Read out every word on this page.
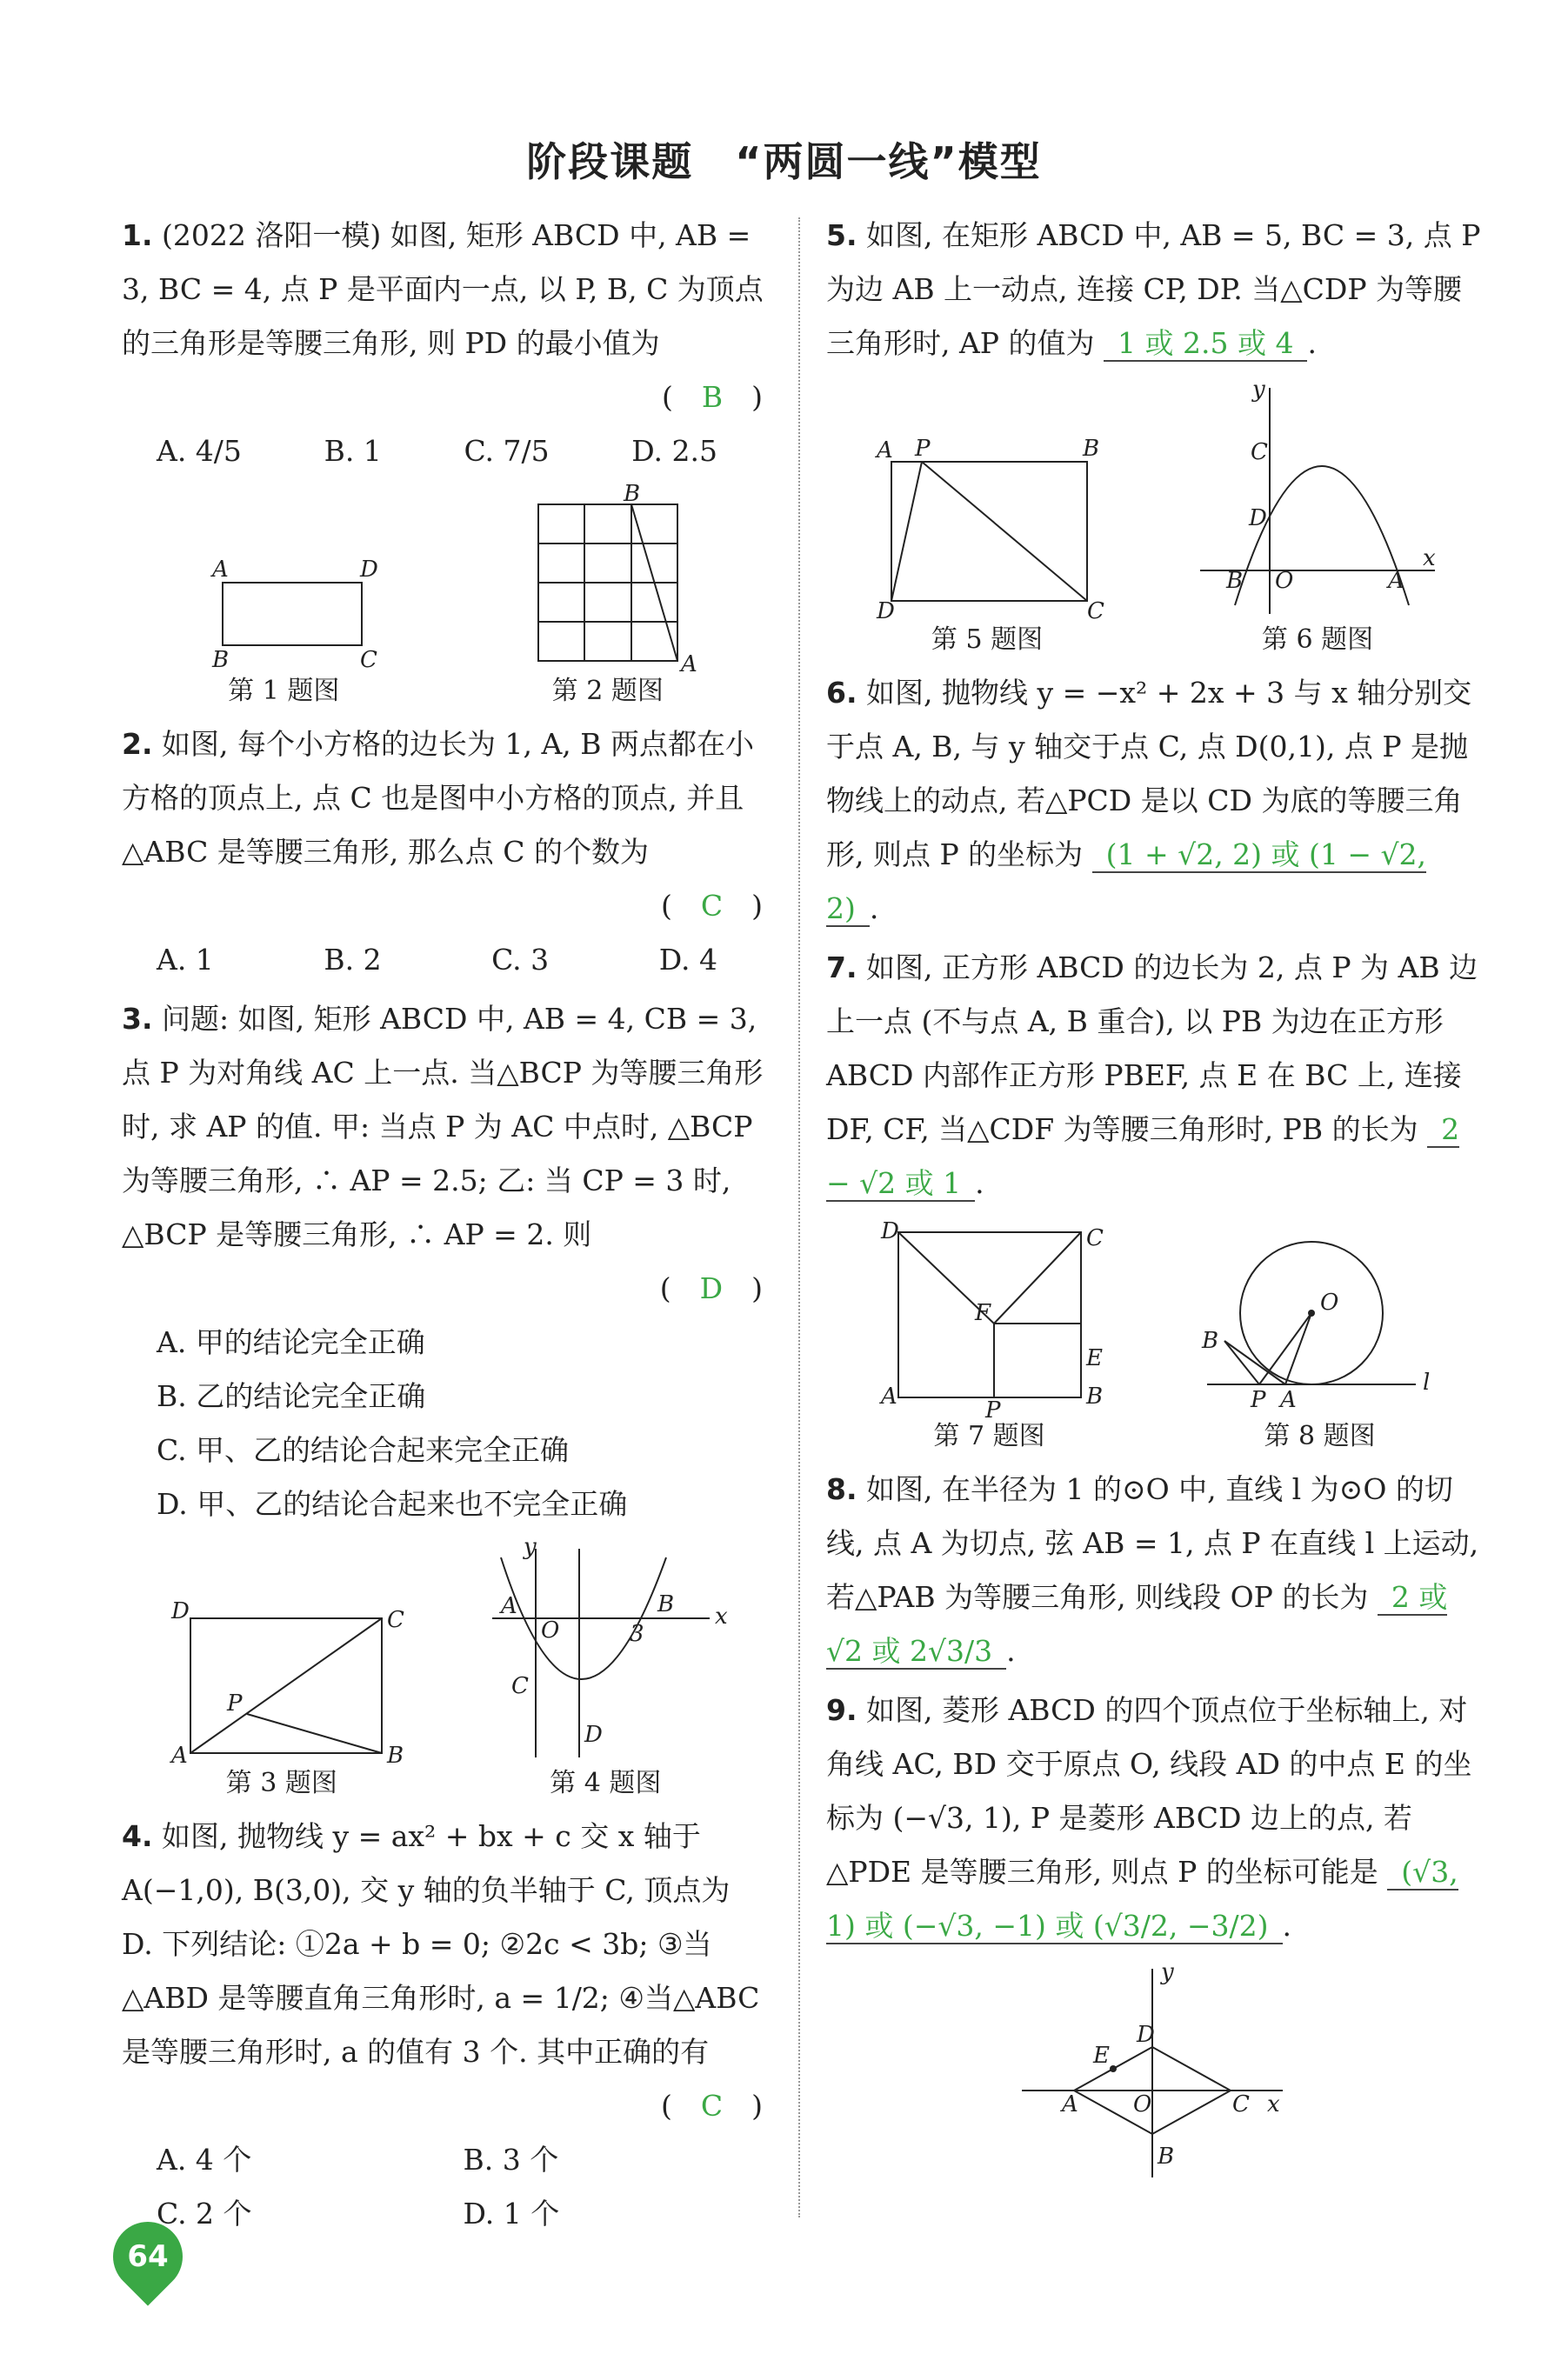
阶段课题　“两圆一线”模型
1. (2022 洛阳一模) 如图, 矩形 ABCD 中, AB = 3, BC = 4, 点 P 是平面内一点, 以 P, B, C 为顶点的三角形是等腰三角形, 则 PD 的最小值为
(　B　)
A. 4/5	B. 1	C. 7/5	D. 2.5
A	D
B	C
第 1 题图
B
A
第 2 题图
2. 如图, 每个小方格的边长为 1, A, B 两点都在小方格的顶点上, 点 C 也是图中小方格的顶点, 并且△ABC 是等腰三角形, 那么点 C 的个数为
(　C　)
A. 1	B. 2	C. 3	D. 4
3. 问题: 如图, 矩形 ABCD 中, AB = 4, CB = 3, 点 P 为对角线 AC 上一点. 当△BCP 为等腰三角形时, 求 AP 的值. 甲: 当点 P 为 AC 中点时, △BCP 为等腰三角形, ∴ AP = 2.5; 乙: 当 CP = 3 时, △BCP 是等腰三角形, ∴ AP = 2. 则
(　D　)
A. 甲的结论完全正确
B. 乙的结论完全正确
C. 甲、乙的结论合起来完全正确
D. 甲、乙的结论合起来也不完全正确
D	C
P
A	B
第 3 题图
x
y
A
O
B
3
C
D
第 4 题图
4. 如图, 抛物线 y = ax² + bx + c 交 x 轴于 A(−1,0), B(3,0), 交 y 轴的负半轴于 C, 顶点为 D. 下列结论: ①2a + b = 0; ②2c < 3b; ③当△ABD 是等腰直角三角形时, a = 1/2; ④当△ABC 是等腰三角形时, a 的值有 3 个. 其中正确的有
(　C　)
A. 4 个	B. 3 个
C. 2 个	D. 1 个
5. 如图, 在矩形 ABCD 中, AB = 5, BC = 3, 点 P 为边 AB 上一动点, 连接 CP, DP. 当△CDP 为等腰三角形时, AP 的值为 1 或 2.5 或 4 .
A P	B
D	C
第 5 题图
x
y
C
D
B O	A
第 6 题图
6. 如图, 抛物线 y = −x² + 2x + 3 与 x 轴分别交于点 A, B, 与 y 轴交于点 C, 点 D(0,1), 点 P 是抛物线上的动点, 若△PCD 是以 CD 为底的等腰三角形, 则点 P 的坐标为 (1 + √2, 2) 或 (1 − √2, 2) .
7. 如图, 正方形 ABCD 的边长为 2, 点 P 为 AB 边上一点 (不与点 A, B 重合), 以 PB 为边在正方形 ABCD 内部作正方形 PBEF, 点 E 在 BC 上, 连接 DF, CF, 当△CDF 为等腰三角形时, PB 的长为 2 − √2 或 1 .
D	C
F
E
A
P
B
第 7 题图
O
B
P A
l
第 8 题图
8. 如图, 在半径为 1 的⊙O 中, 直线 l 为⊙O 的切线, 点 A 为切点, 弦 AB = 1, 点 P 在直线 l 上运动, 若△PAB 为等腰三角形, 则线段 OP 的长为 2 或 √2 或 2√3/3 .
9. 如图, 菱形 ABCD 的四个顶点位于坐标轴上, 对角线 AC, BD 交于原点 O, 线段 AD 的中点 E 的坐标为 (−√3, 1), P 是菱形 ABCD 边上的点, 若△PDE 是等腰三角形, 则点 P 的坐标可能是 (√3, 1) 或 (−√3, −1) 或 (√3/2, −3/2) .
E
D
y
A O	C x
B
64
